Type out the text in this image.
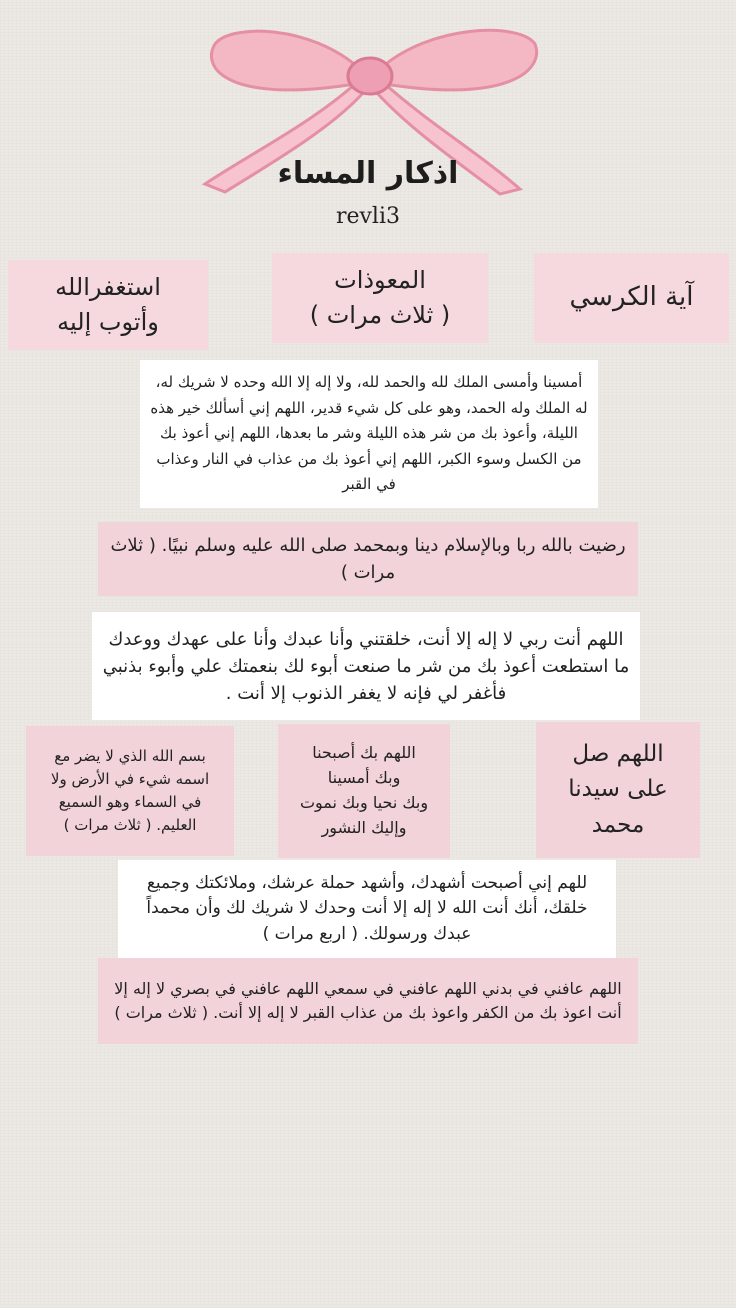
اذكار المساء
revli3
آية الكرسي
المعوذات
( ثلاث مرات )
استغفرالله
وأتوب إليه
أمسينا وأمسى الملك لله والحمد لله، ولا إله إلا الله وحده لا شريك له، له الملك وله الحمد، وهو على كل شيء قدير، اللهم إني أسألك خير هذه الليلة، وأعوذ بك من شر هذه الليلة وشر ما بعدها، اللهم إني أعوذ بك من الكسل وسوء الكبر، اللهم إني أعوذ بك من عذاب في النار وعذاب في القبر
رضيت بالله ربا وبالإسلام دينا وبمحمد صلى الله عليه وسلم نبيًا. ( ثلاث مرات )
اللهم أنت ربي لا إله إلا أنت، خلقتني وأنا عبدك وأنا على عهدك ووعدك ما استطعت أعوذ بك من شر ما صنعت أبوء لك بنعمتك علي وأبوء بذنبي فأغفر لي فإنه لا يغفر الذنوب إلا أنت .
اللهم صل
على سيدنا
محمد
اللهم بك أصبحنا
وبك أمسينا
وبك نحيا وبك نموت
وإليك النشور
بسم الله الذي لا يضر مع
اسمه شيء في الأرض ولا
في السماء وهو السميع
العليم. ( ثلاث مرات )
للهم إني أصبحت أشهدك، وأشهد حملة عرشك، وملائكتك وجميع خلقك، أنك أنت الله لا إله إلا أنت وحدك لا شريك لك وأن محمداً عبدك ورسولك. ( اربع مرات )
اللهم عافني في بدني اللهم عافني في سمعي اللهم عافني في بصري لا إله إلا أنت اعوذ بك من الكفر واعوذ بك من عذاب القبر لا إله إلا أنت. ( ثلاث مرات )
